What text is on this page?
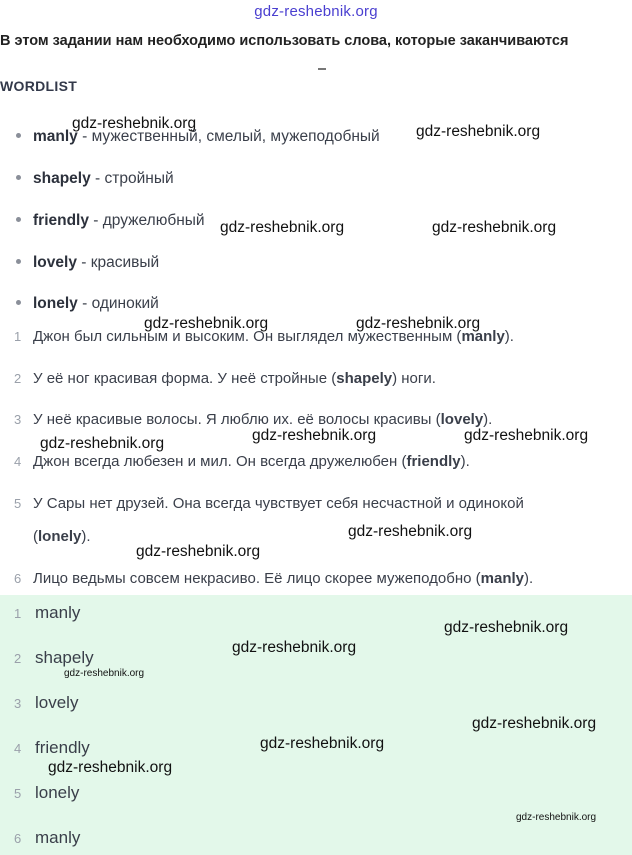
gdz-reshebnik.org
В этом задании нам необходимо использовать слова, которые заканчиваются
WORDLIST
manly - мужественный, смелый, мужеподобный
shapely - стройный
friendly - дружелюбный
lovely - красивый
lonely - одинокий
1 Джон был сильным и высоким. Он выглядел мужественным (manly).
2 У её ног красивая форма. У неё стройные (shapely) ноги.
3 У неё красивые волосы. Я люблю их. её волосы красивы (lovely).
4 Джон всегда любезен и мил. Он всегда дружелюбен (friendly).
5 У Сары нет друзей. Она всегда чувствует себя несчастной и одинокой
(lonely).
6 Лицо ведьмы совсем некрасиво. Её лицо скорее мужеподобно (manly).
1 manly
2 shapely
3 lovely
4 friendly
5 lonely
6 manly
gdz-reshebnik.org	gdz-reshebnik.org
gdz-reshebnik.org	gdz-reshebnik.org
gdz-reshebnik.org	gdz-reshebnik.org
gdz-reshebnik.org	gdz-reshebnik.org
gdz-reshebnik.org
gdz-reshebnik.org
gdz-reshebnik.org
gdz-reshebnik.org
gdz-reshebnik.org
gdz-reshebnik.org
gdz-reshebnik.org
gdz-reshebnik.org
gdz-reshebnik.org
gdz-reshebnik.org
